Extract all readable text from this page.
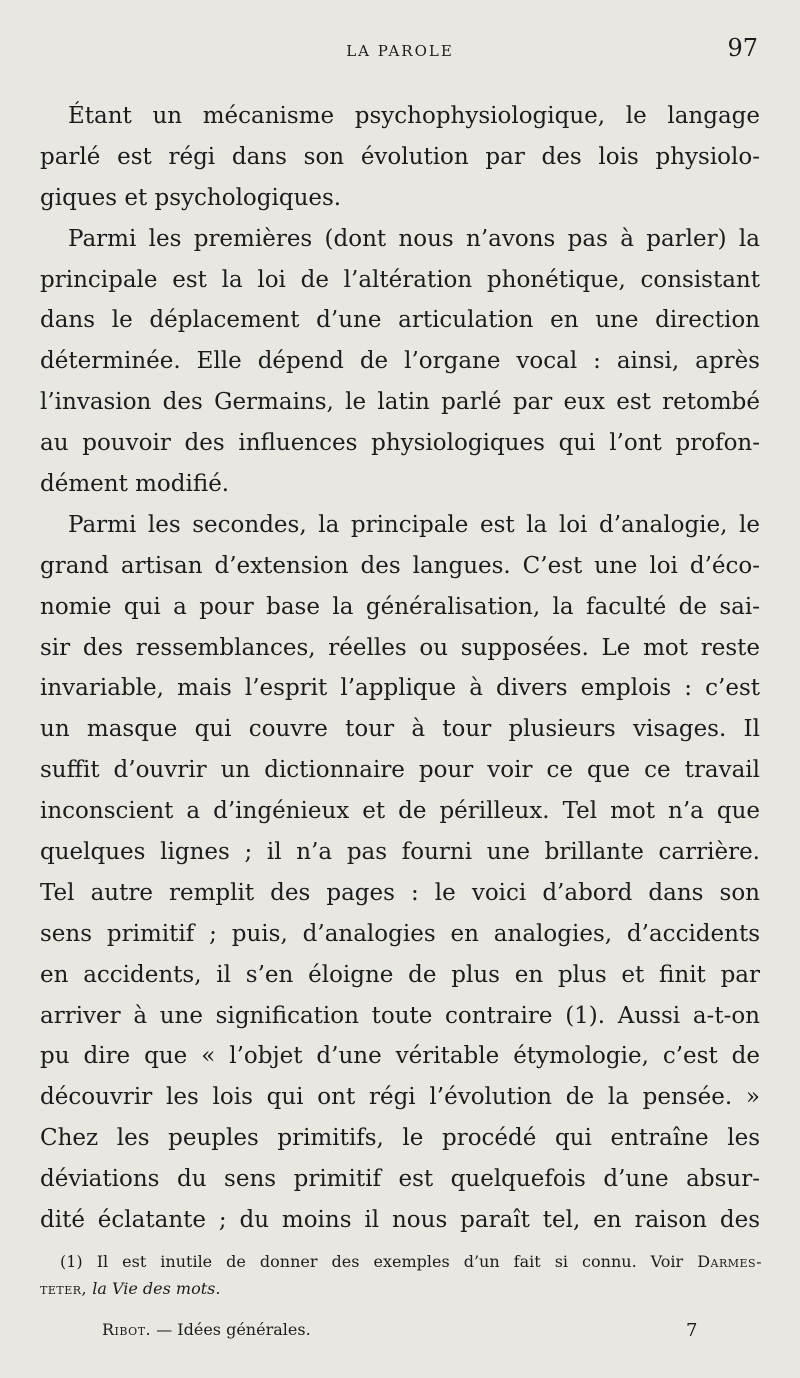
LA PAROLE	97
Étant un mécanisme psychophysiologique, le langage
parlé est régi dans son évolution par des lois physiolo-
giques et psychologiques.
Parmi les premières (dont nous n’avons pas à parler) la
principale est la loi de l’altération phonétique, consistant
dans le déplacement d’une articulation en une direction
déterminée. Elle dépend de l’organe vocal : ainsi, après
l’invasion des Germains, le latin parlé par eux est retombé
au pouvoir des influences physiologiques qui l’ont profon-
dément modifié.
Parmi les secondes, la principale est la loi d’analogie, le
grand artisan d’extension des langues. C’est une loi d’éco-
nomie qui a pour base la généralisation, la faculté de sai-
sir des ressemblances, réelles ou supposées. Le mot reste
invariable, mais l’esprit l’applique à divers emplois : c’est
un masque qui couvre tour à tour plusieurs visages. Il
suffit d’ouvrir un dictionnaire pour voir ce que ce travail
inconscient a d’ingénieux et de périlleux. Tel mot n’a que
quelques lignes ; il n’a pas fourni une brillante carrière.
Tel autre remplit des pages : le voici d’abord dans son
sens primitif ; puis, d’analogies en analogies, d’accidents
en accidents, il s’en éloigne de plus en plus et finit par
arriver à une signification toute contraire (1). Aussi a-t-on
pu dire que « l’objet d’une véritable étymologie, c’est de
découvrir les lois qui ont régi l’évolution de la pensée. »
Chez les peuples primitifs, le procédé qui entraîne les
déviations du sens primitif est quelquefois d’une absur-
dité éclatante ; du moins il nous paraît tel, en raison des
(1) Il est inutile de donner des exemples d’un fait si connu. Voir Darmes-
teter, la Vie des mots.
Ribot. — Idées générales.	7
